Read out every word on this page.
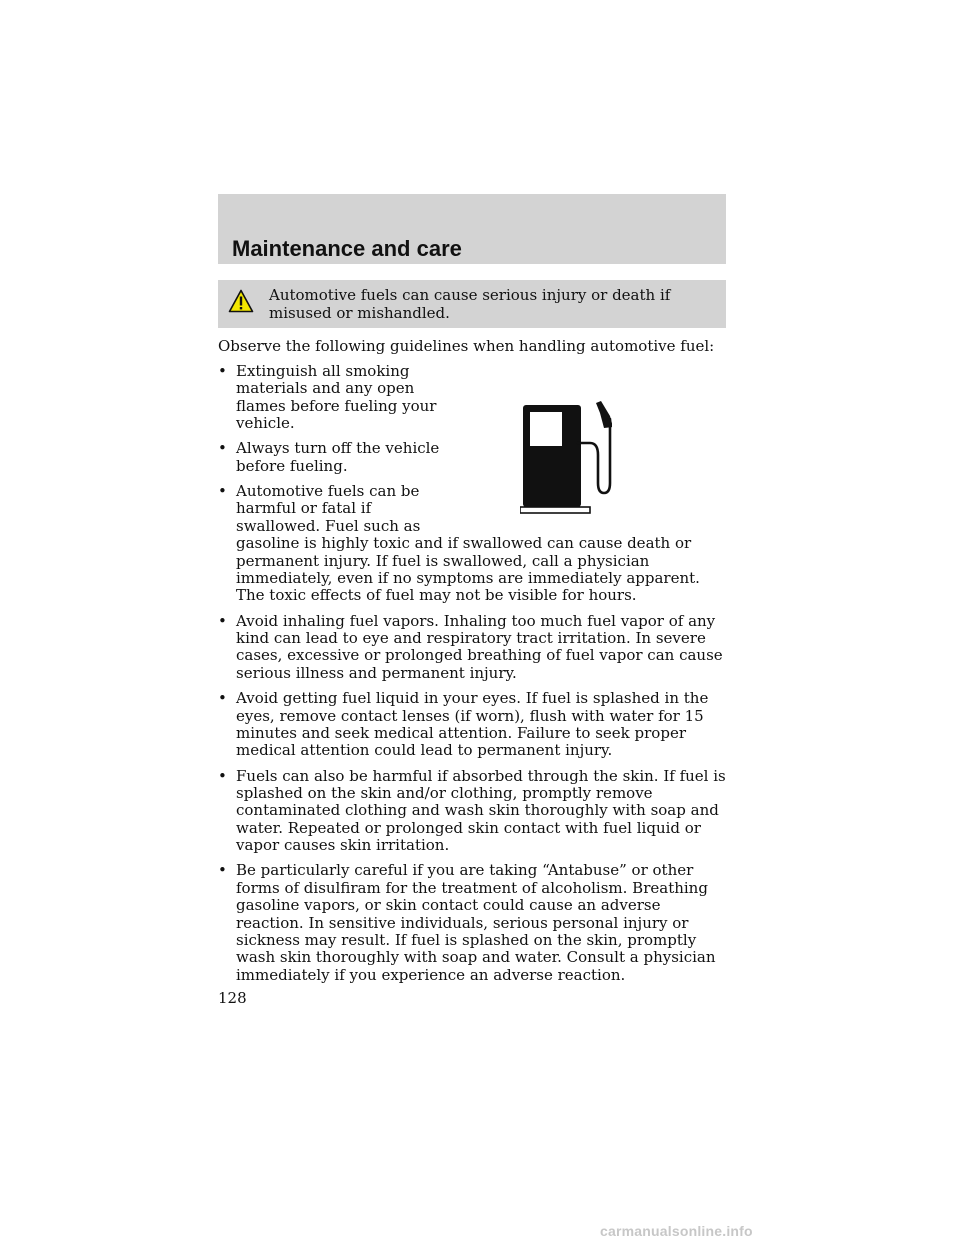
Maintenance and care

Automotive fuels can cause serious injury or death if misused or mishandled.

Observe the following guidelines when handling automotive fuel:

• Extinguish all smoking materials and any open flames before fueling your vehicle.
• Always turn off the vehicle before fueling.
• Automotive fuels can be harmful or fatal if swallowed. Fuel such as gasoline is highly toxic and if swallowed can cause death or permanent injury. If fuel is swallowed, call a physician immediately, even if no symptoms are immediately apparent. The toxic effects of fuel may not be visible for hours.
• Avoid inhaling fuel vapors. Inhaling too much fuel vapor of any kind can lead to eye and respiratory tract irritation. In severe cases, excessive or prolonged breathing of fuel vapor can cause serious illness and permanent injury.
• Avoid getting fuel liquid in your eyes. If fuel is splashed in the eyes, remove contact lenses (if worn), flush with water for 15 minutes and seek medical attention. Failure to seek proper medical attention could lead to permanent injury.
• Fuels can also be harmful if absorbed through the skin. If fuel is splashed on the skin and/or clothing, promptly remove contaminated clothing and wash skin thoroughly with soap and water. Repeated or prolonged skin contact with fuel liquid or vapor causes skin irritation.
• Be particularly careful if you are taking “Antabuse” or other forms of disulfiram for the treatment of alcoholism. Breathing gasoline vapors, or skin contact could cause an adverse reaction. In sensitive individuals, serious personal injury or sickness may result. If fuel is splashed on the skin, promptly wash skin thoroughly with soap and water. Consult a physician immediately if you experience an adverse reaction.

128

carmanualsonline.info
